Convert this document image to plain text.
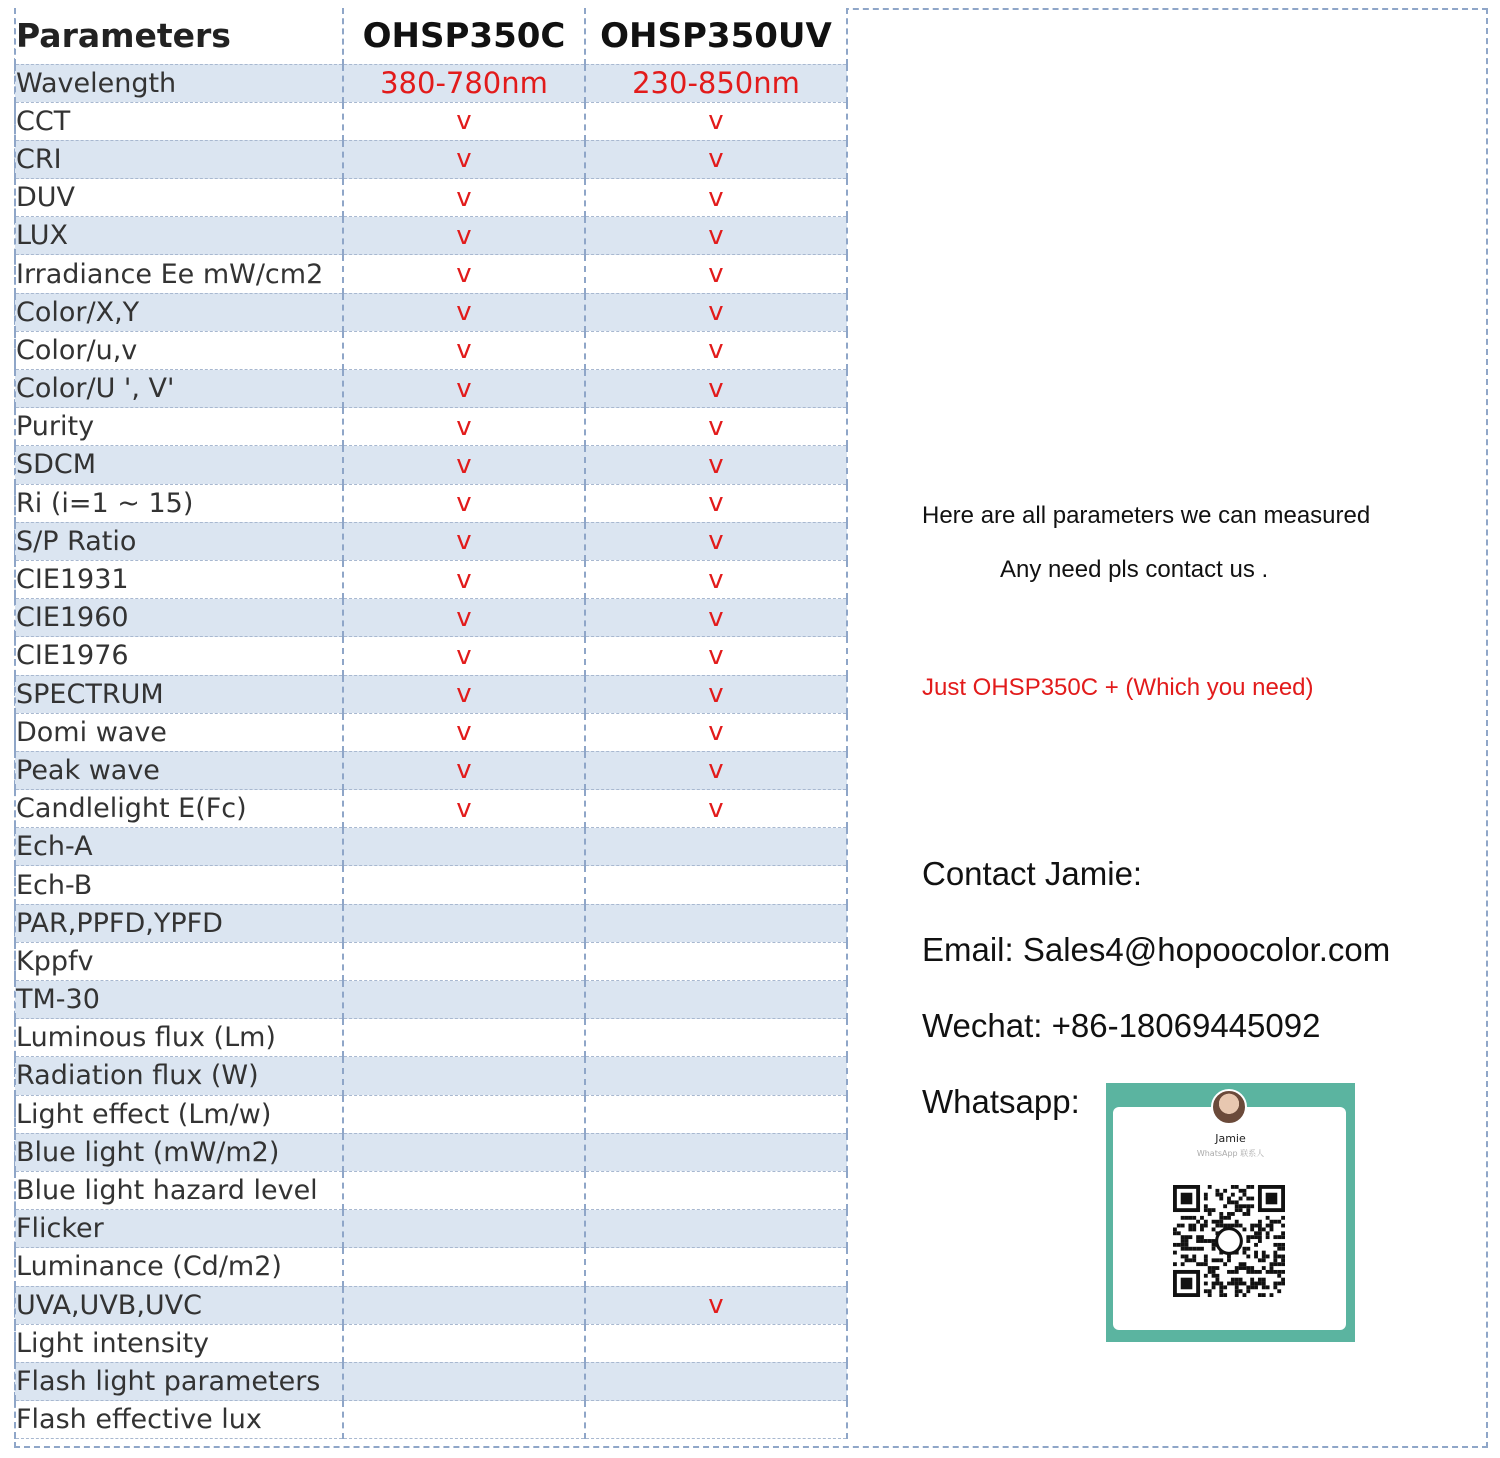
Parameters	OHSP350C	OHSP350UV
Wavelength	380-780nm	230-850nm
CCT	v	v
CRI	v	v
DUV	v	v
LUX	v	v
Irradiance Ee mW/cm2	v	v
Color/X,Y	v	v
Color/u,v	v	v
Color/U ', V'	v	v
Purity	v	v
SDCM	v	v
Ri (i=1 ~ 15)	v	v
S/P Ratio	v	v
CIE1931	v	v
CIE1960	v	v
CIE1976	v	v
SPECTRUM	v	v
Domi wave	v	v
Peak wave	v	v
Candlelight E(Fc)	v	v
Ech-A		
Ech-B		
PAR,PPFD,YPFD		
Kppfv		
TM-30		
Luminous flux (Lm)		
Radiation flux (W)		
Light effect (Lm/w)		
Blue light (mW/m2)		
Blue light hazard level		
Flicker		
Luminance (Cd/m2)		
UVA,UVB,UVC		v
Light intensity		
Flash light parameters		
Flash effective lux		
Here are all parameters we can measured
Any need pls contact us .
Just OHSP350C + (Which you need)
Contact Jamie:
Email: Sales4@hopoocolor.com
Wechat: +86-18069445092
Whatsapp:
Jamie
WhatsApp 联系人
